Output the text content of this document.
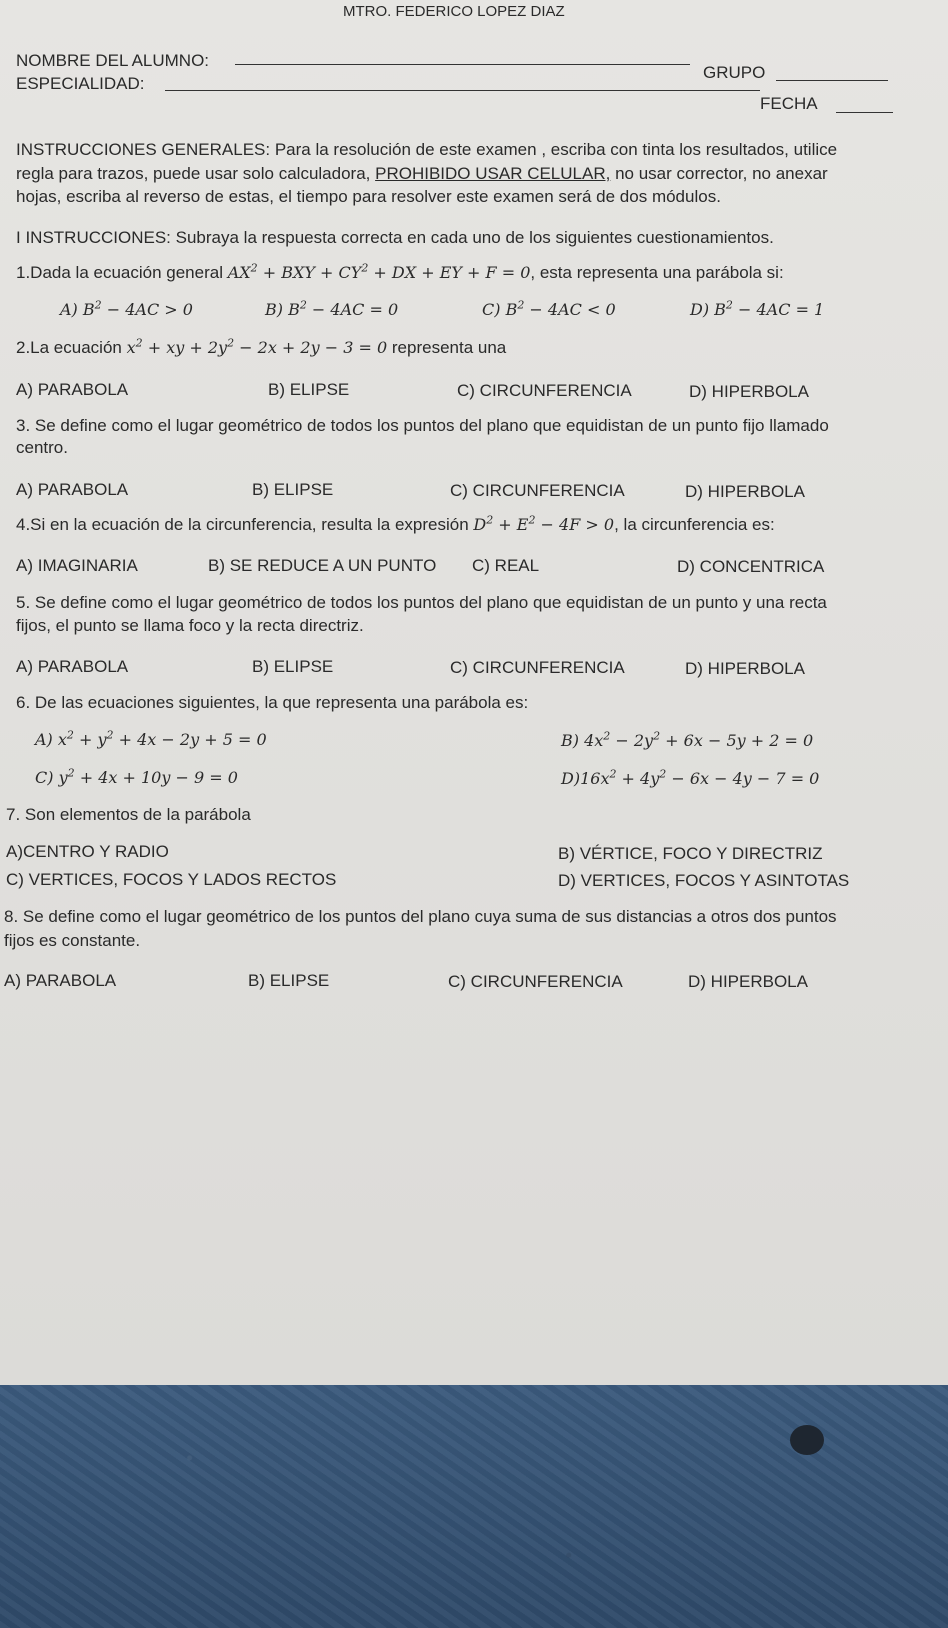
MTRO. FEDERICO LOPEZ DIAZ
NOMBRE DEL ALUMNO:
ESPECIALIDAD:
GRUPO
FECHA
INSTRUCCIONES GENERALES: Para la resolución de este examen , escriba con tinta los resultados, utilice
regla para trazos, puede usar solo calculadora, PROHIBIDO USAR CELULAR, no usar corrector, no anexar
hojas, escriba al reverso de estas, el tiempo para resolver este examen será de dos módulos.
I INSTRUCCIONES: Subraya la respuesta correcta en cada uno de los siguientes cuestionamientos.
1.Dada la ecuación general $AX^2$ + BXY + $CY^2$ + DX + EY + F = 0, esta representa una parábola si:
A) $B^2 - 4AC > 0$	B) $B^2 - 4AC = 0$	C) $B^2 - 4AC < 0$	D) $B^2 - 4AC = 1$
2.La ecuación $x^2$ + xy + $2y^2 - 2x + 2y - 3 = 0$ representa una
A) PARABOLA	B) ELIPSE	C) CIRCUNFERENCIA	D) HIPERBOLA
3. Se define como el lugar geométrico de todos los puntos del plano que equidistan de un punto fijo llamado
centro.
A) PARABOLA	B) ELIPSE	C) CIRCUNFERENCIA	D) HIPERBOLA
4.Si en la ecuación de la circunferencia, resulta la expresión $D^2 + E^2 - 4F > 0$, la circunferencia es:
A) IMAGINARIA	B) SE REDUCE A UN PUNTO C) REAL	D) CONCENTRICA
5. Se define como el lugar geométrico de todos los puntos del plano que equidistan de un punto y una recta
fijos, el punto se llama foco y la recta directriz.
A) PARABOLA	B) ELIPSE	C) CIRCUNFERENCIA	D) HIPERBOLA
6. De las ecuaciones siguientes, la que representa una parábola es:
A) $x^2 + y^2 + 4x - 2y + 5 = 0$	B) $4x^2 - 2y^2 + 6x - 5y + 2 = 0$
C) $y^2 + 4x + 10y - 9 = 0$	$D)16x^2 + 4y^2 - 6x - 4y - 7 = 0$
7. Son elementos de la parábola
A)CENTRO Y RADIO	B) VÉRTICE, FOCO Y DIRECTRIZ
C) VERTICES, FOCOS Y LADOS RECTOS	D) VERTICES, FOCOS Y ASINTOTAS
8. Se define como el lugar geométrico de los puntos del plano cuya suma de sus distancias a otros dos puntos
fijos es constante.
A) PARABOLA	B) ELIPSE	C) CIRCUNFERENCIA	D) HIPERBOLA
